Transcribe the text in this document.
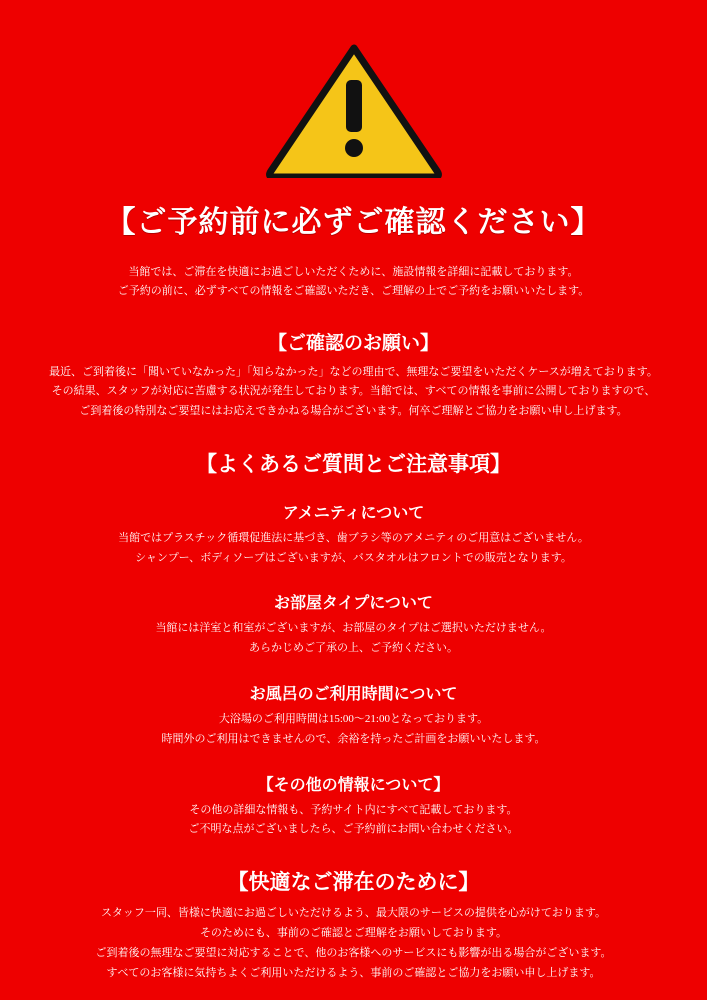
【ご予約前に必ずご確認ください】
当館では、ご滞在を快適にお過ごしいただくために、施設情報を詳細に記載しております。
ご予約の前に、必ずすべての情報をご確認いただき、ご理解の上でご予約をお願いいたします。
【ご確認のお願い】
最近、ご到着後に「聞いていなかった」「知らなかった」などの理由で、無理なご要望をいただくケースが増えております。
その結果、スタッフが対応に苦慮する状況が発生しております。当館では、すべての情報を事前に公開しておりますので、
ご到着後の特別なご要望にはお応えできかねる場合がございます。何卒ご理解とご協力をお願い申し上げます。
【よくあるご質問とご注意事項】
アメニティについて
当館ではプラスチック循環促進法に基づき、歯ブラシ等のアメニティのご用意はございません。
シャンプー、ボディソープはございますが、バスタオルはフロントでの販売となります。
お部屋タイプについて
当館には洋室と和室がございますが、お部屋のタイプはご選択いただけません。
あらかじめご了承の上、ご予約ください。
お風呂のご利用時間について
大浴場のご利用時間は15:00〜21:00となっております。
時間外のご利用はできませんので、余裕を持ったご計画をお願いいたします。
【その他の情報について】
その他の詳細な情報も、予約サイト内にすべて記載しております。
ご不明な点がございましたら、ご予約前にお問い合わせください。
【快適なご滞在のために】
スタッフ一同、皆様に快適にお過ごしいただけるよう、最大限のサービスの提供を心がけております。
そのためにも、事前のご確認とご理解をお願いしております。
ご到着後の無理なご要望に対応することで、他のお客様へのサービスにも影響が出る場合がございます。
すべてのお客様に気持ちよくご利用いただけるよう、事前のご確認とご協力をお願い申し上げます。
